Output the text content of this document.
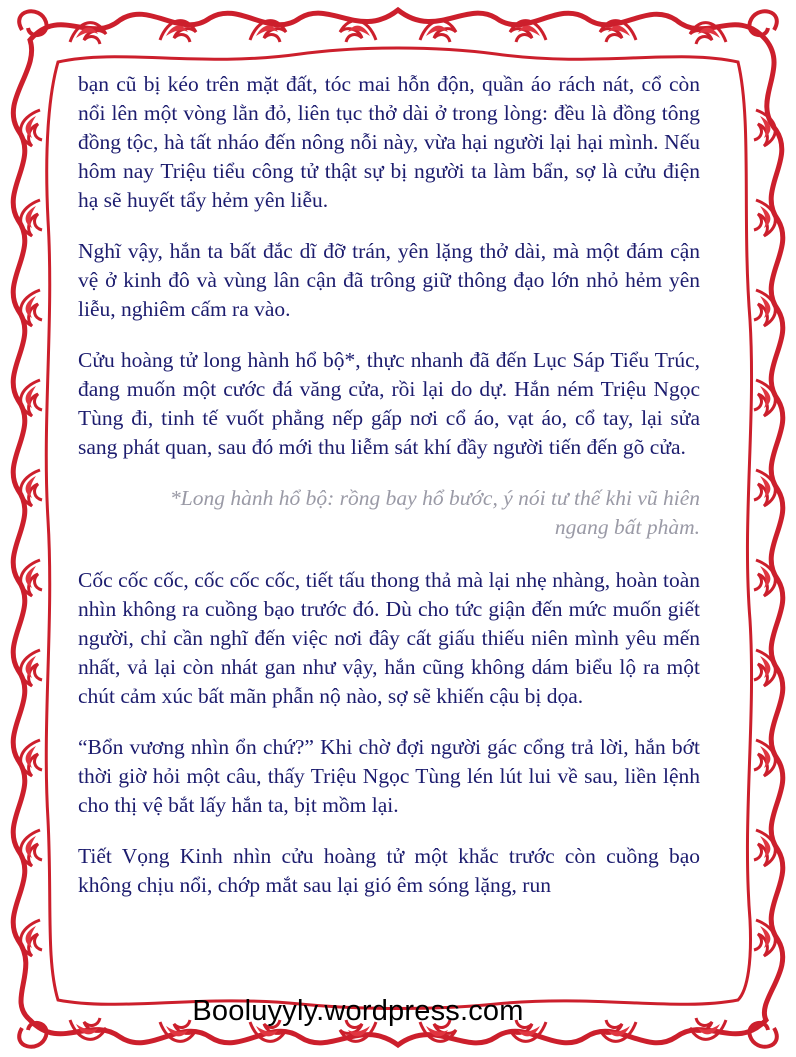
bạn cũ bị kéo trên mặt đất, tóc mai hỗn độn, quần áo rách nát, cổ còn nổi lên một vòng lằn đỏ, liên tục thở dài ở trong lòng: đều là đồng tông đồng tộc, hà tất nháo đến nông nỗi này, vừa hại người lại hại mình. Nếu hôm nay Triệu tiểu công tử thật sự bị người ta làm bẩn, sợ là cửu điện hạ sẽ huyết tẩy hẻm yên liễu.

Nghĩ vậy, hắn ta bất đắc dĩ đỡ trán, yên lặng thở dài, mà một đám cận vệ ở kinh đô và vùng lân cận đã trông giữ thông đạo lớn nhỏ hẻm yên liễu, nghiêm cấm ra vào.

Cửu hoàng tử long hành hổ bộ*, thực nhanh đã đến Lục Sáp Tiểu Trúc, đang muốn một cước đá văng cửa, rồi lại do dự. Hắn ném Triệu Ngọc Tùng đi, tinh tế vuốt phẳng nếp gấp nơi cổ áo, vạt áo, cổ tay, lại sửa sang phát quan, sau đó mới thu liễm sát khí đầy người tiến đến gõ cửa.

*Long hành hổ bộ: rồng bay hổ bước, ý nói tư thế khi vũ hiên ngang bất phàm.

Cốc cốc cốc, cốc cốc cốc, tiết tấu thong thả mà lại nhẹ nhàng, hoàn toàn nhìn không ra cuồng bạo trước đó. Dù cho tức giận đến mức muốn giết người, chỉ cần nghĩ đến việc nơi đây cất giấu thiếu niên mình yêu mến nhất, vả lại còn nhát gan như vậy, hắn cũng không dám biểu lộ ra một chút cảm xúc bất mãn phẫn nộ nào, sợ sẽ khiến cậu bị dọa.

“Bổn vương nhìn ổn chứ?” Khi chờ đợi người gác cổng trả lời, hắn bớt thời giờ hỏi một câu, thấy Triệu Ngọc Tùng lén lút lui về sau, liền lệnh cho thị vệ bắt lấy hắn ta, bịt mồm lại.

Tiết Vọng Kinh nhìn cửu hoàng tử một khắc trước còn cuồng bạo không chịu nổi, chớp mắt sau lại gió êm sóng lặng, run

Booluyyly.wordpress.com
